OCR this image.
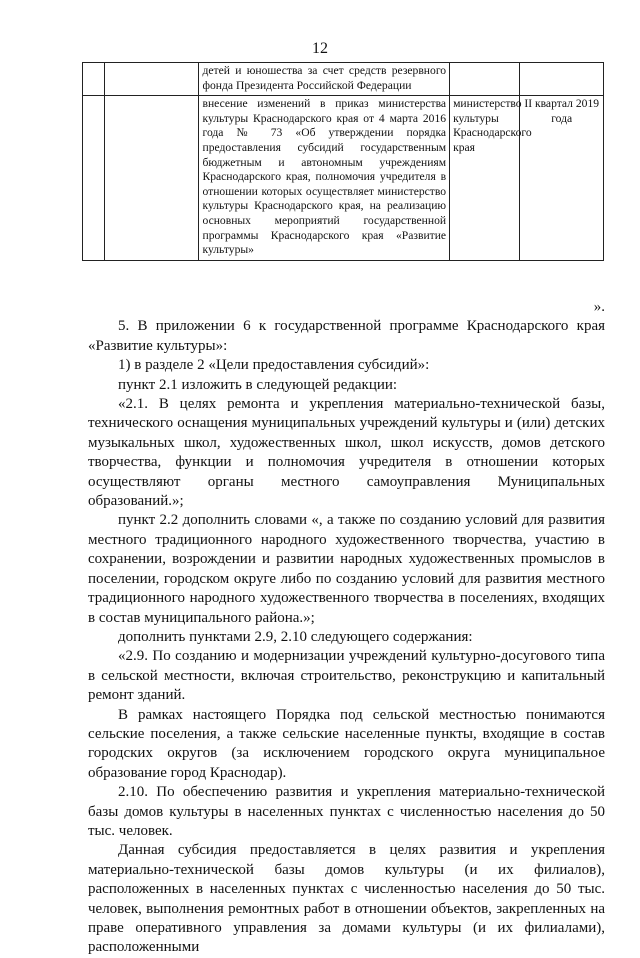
12
		детей и юношества за счет средств резервного фонда Президента Российской Федерации		
		внесение изменений в приказ министерства культуры Краснодарского края от 4 марта 2016 года № 73 «Об утверждении порядка предоставления субсидий государственным бюджетным и автономным учреждениям Краснодарского края, полномочия учредителя в отношении которых осуществляет министерство культуры Краснодарского края, на реализацию основных мероприятий государственной программы Краснодарского края «Развитие культуры»	министерство культуры Краснодарского края	II квартал 2019 года

».

5. В приложении 6 к государственной программе Краснодарского края «Развитие культуры»:

1) в разделе 2 «Цели предоставления субсидий»:

пункт 2.1 изложить в следующей редакции:

«2.1. В целях ремонта и укрепления материально-технической базы, технического оснащения муниципальных учреждений культуры и (или) детских музыкальных школ, художественных школ, школ искусств, домов детского творчества, функции и полномочия учредителя в отношении которых осуществляют органы местного самоуправления Муниципальных образований.»;

пункт 2.2 дополнить словами «, а также по созданию условий для развития местного традиционного народного художественного творчества, участию в сохранении, возрождении и развитии народных художественных промыслов в поселении, городском округе либо по созданию условий для развития местного традиционного народного художественного творчества в поселениях, входящих в состав муниципального района.»;

дополнить пунктами 2.9, 2.10 следующего содержания:

«2.9. По созданию и модернизации учреждений культурно-досугового типа в сельской местности, включая строительство, реконструкцию и капитальный ремонт зданий.

В рамках настоящего Порядка под сельской местностью понимаются сельские поселения, а также сельские населенные пункты, входящие в состав городских округов (за исключением городского округа муниципальное образование город Краснодар).

2.10. По обеспечению развития и укрепления материально-технической базы домов культуры в населенных пунктах с численностью населения до 50 тыс. человек.

Данная субсидия предоставляется в целях развития и укрепления материально-технической базы домов культуры (и их филиалов), расположенных в населенных пунктах с численностью населения до 50 тыс. человек, выполнения ремонтных работ в отношении объектов, закрепленных на праве оперативного управления за домами культуры (и их филиалами), расположенными
